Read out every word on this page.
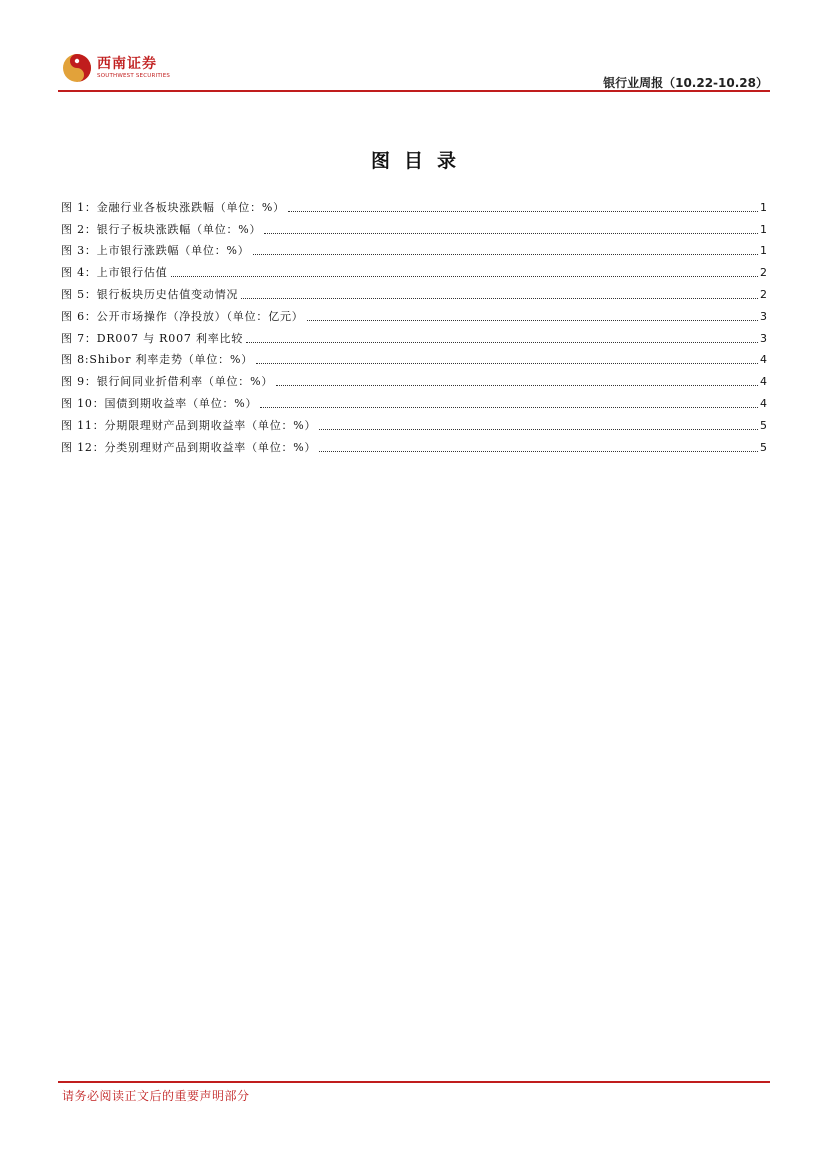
西南证券
SOUTHWEST SECURITIES	银行业周报（10.22-10.28）
图目录
图 1：金融行业各板块涨跌幅（单位：%）	1
图 2：银行子板块涨跌幅（单位：%）	1
图 3：上市银行涨跌幅（单位：%）	1
图 4：上市银行估值	2
图 5：银行板块历史估值变动情况	2
图 6：公开市场操作（净投放）（单位：亿元）	3
图 7：DR007 与 R007 利率比较	3
图 8:Shibor 利率走势（单位：%）	4
图 9：银行间同业折借利率（单位：%）	4
图 10：国债到期收益率（单位：%）	4
图 11：分期限理财产品到期收益率（单位：%）	5
图 12：分类别理财产品到期收益率（单位：%）	5
请务必阅读正文后的重要声明部分
